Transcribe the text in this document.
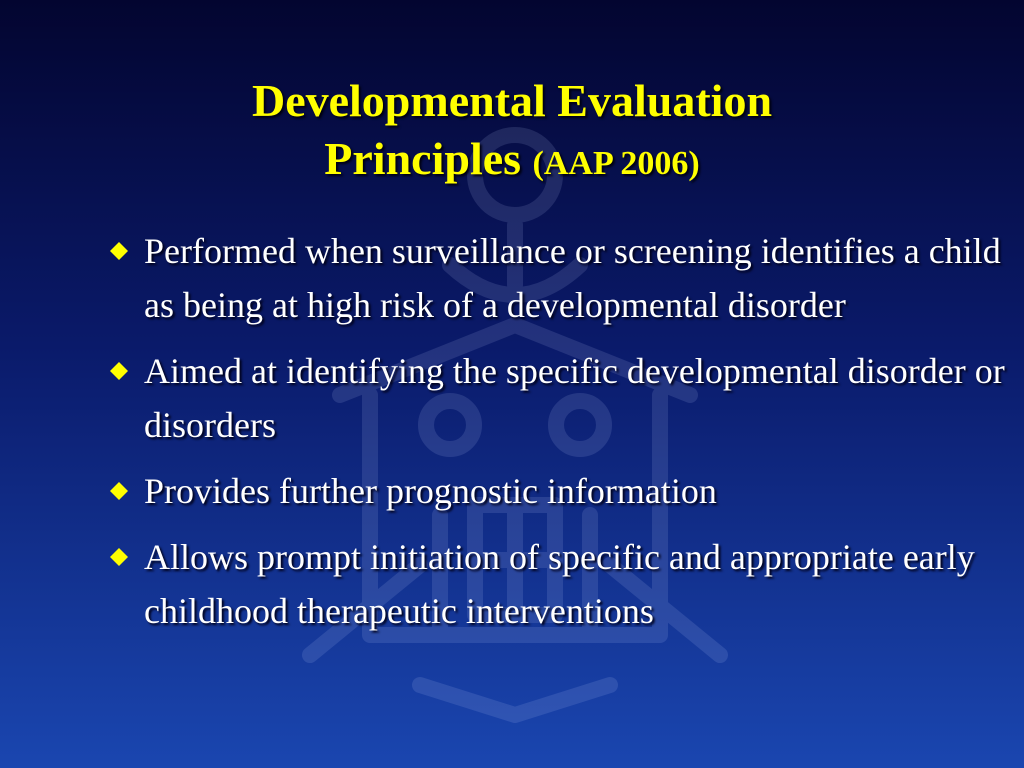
Developmental Evaluation
Principles (AAP 2006)
Performed when surveillance or screening identifies a child as being at high risk of a developmental disorder
Aimed at identifying the specific developmental disorder or disorders
Provides further prognostic information
Allows prompt initiation of specific and appropriate early childhood therapeutic interventions
